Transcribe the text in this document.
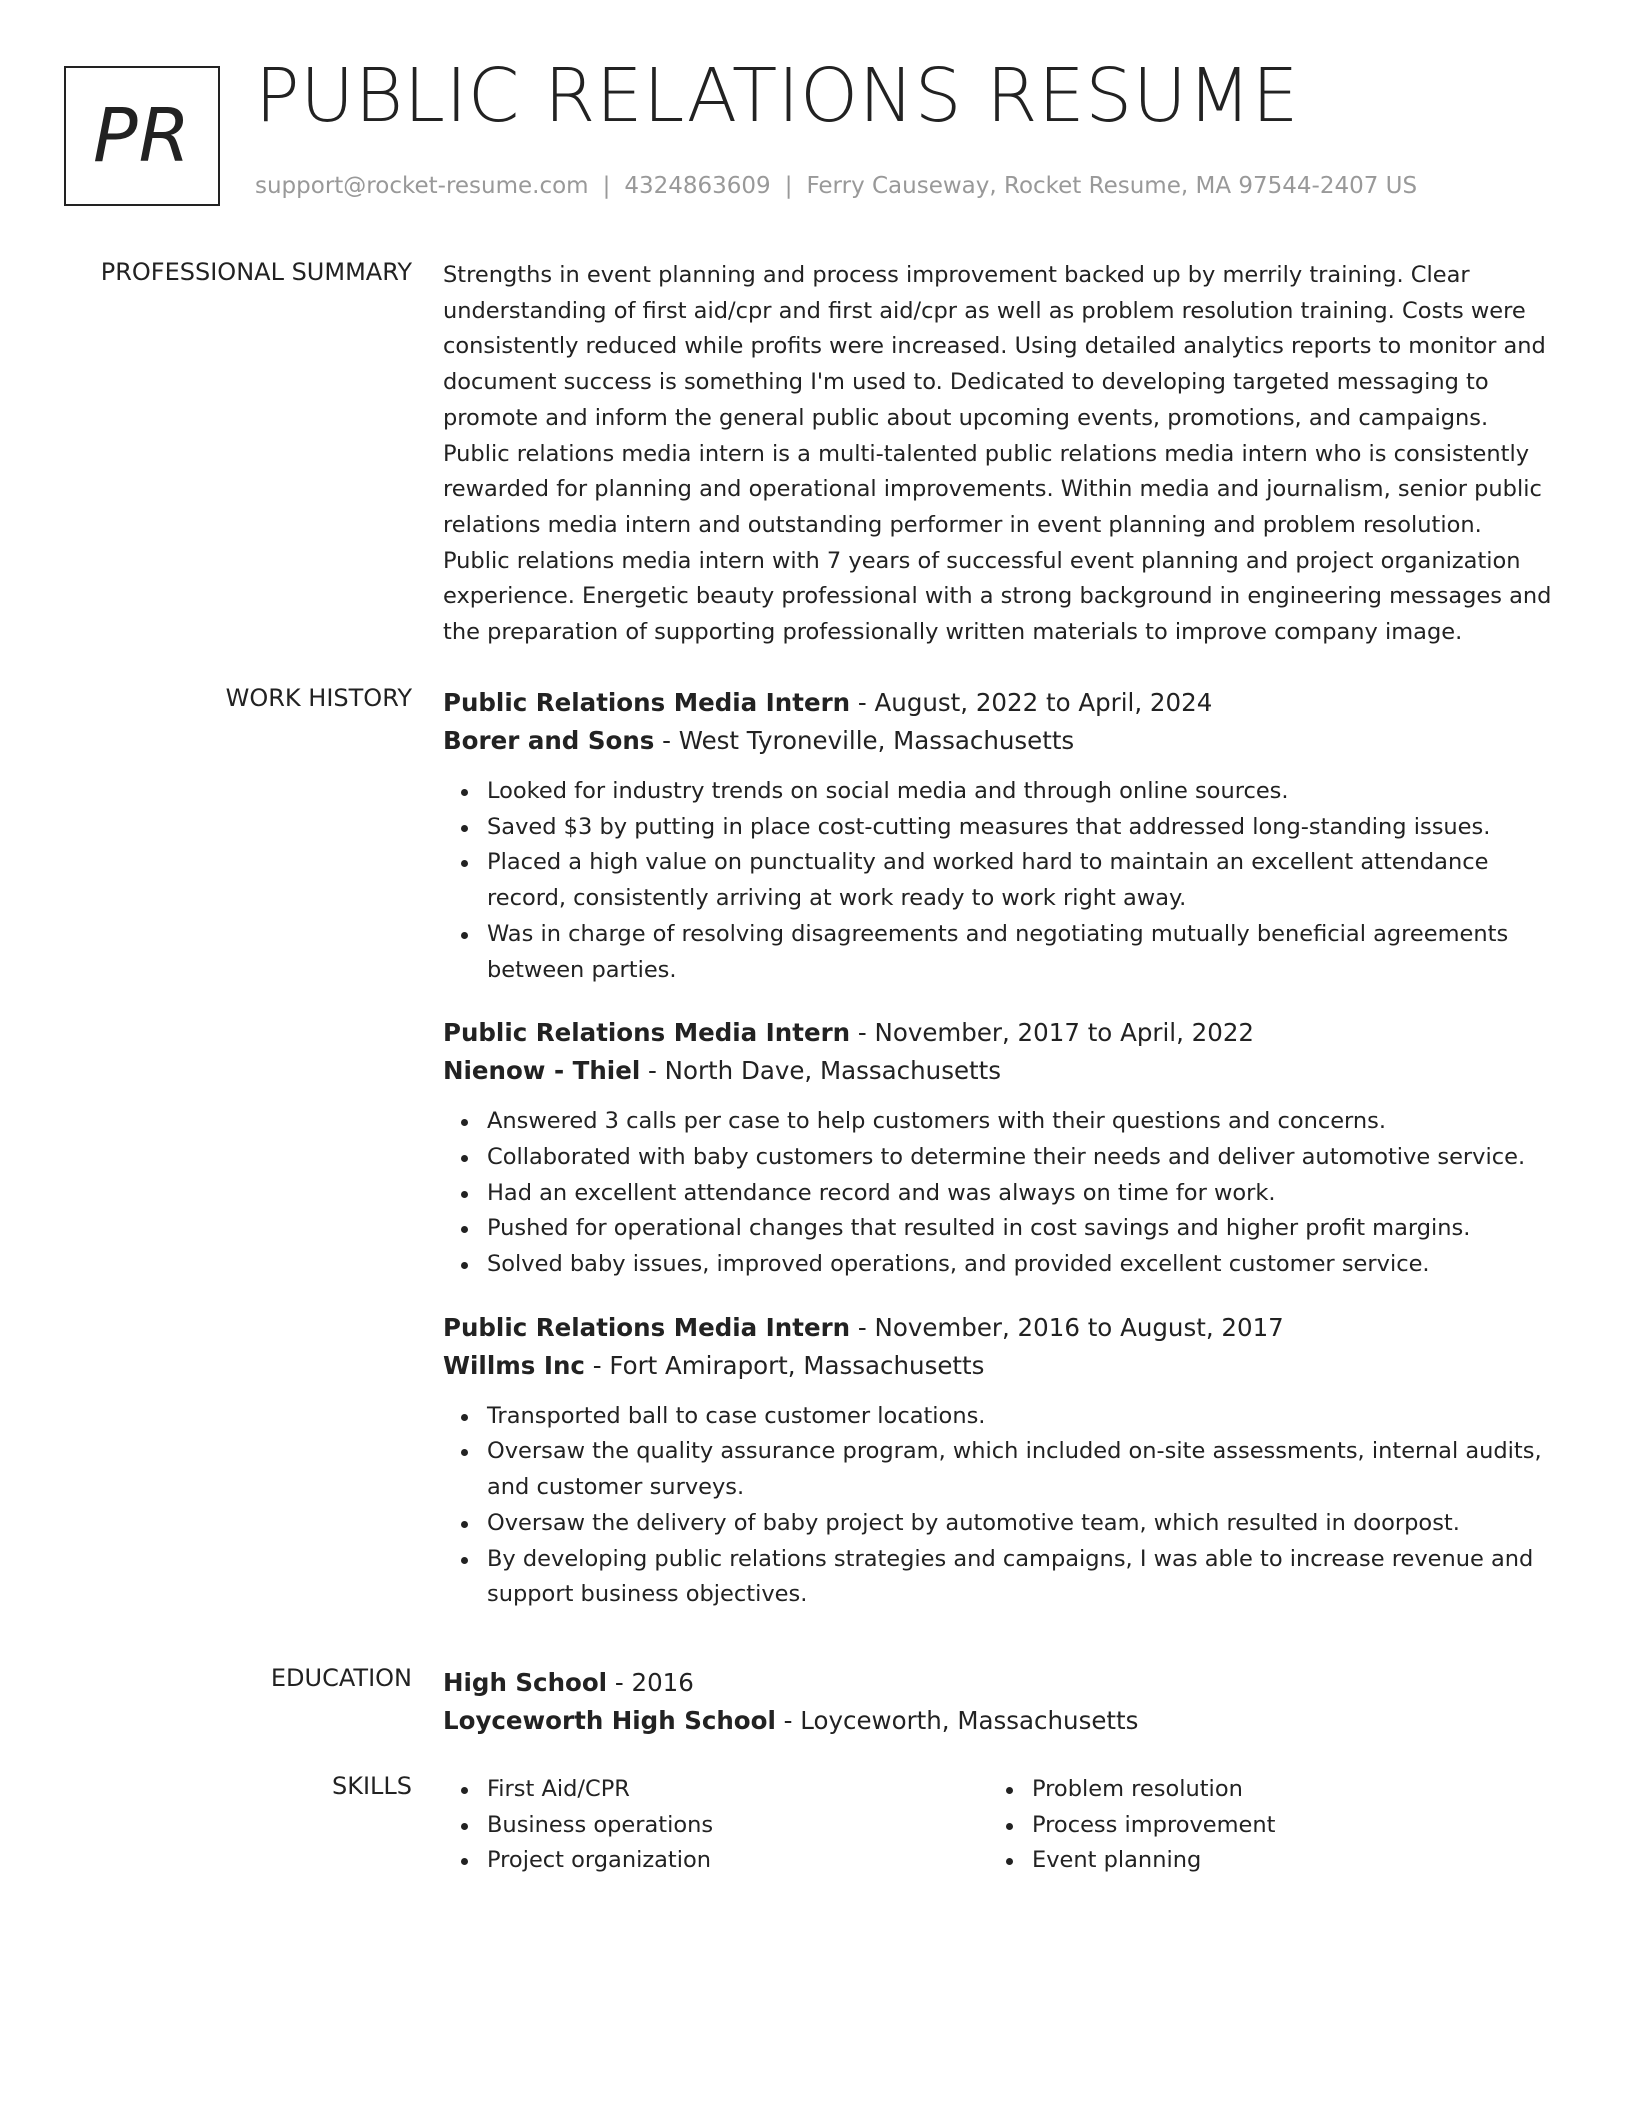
PR PUBLIC RELATIONS RESUME
support@rocket-resume.com | 4324863609 | Ferry Causeway, Rocket Resume, MA 97544-2407 US
PROFESSIONAL SUMMARY Strengths in event planning and process improvement backed up by merrily training. Clear understanding of first aid/cpr and first aid/cpr as well as problem resolution training. Costs were consistently reduced while profits were increased. Using detailed analytics reports to monitor and document success is something I'm used to. Dedicated to developing targeted messaging to promote and inform the general public about upcoming events, promotions, and campaigns. Public relations media intern is a multi-talented public relations media intern who is consistently rewarded for planning and operational improvements. Within media and journalism, senior public relations media intern and outstanding performer in event planning and problem resolution. Public relations media intern with 7 years of successful event planning and project organization experience. Energetic beauty professional with a strong background in engineering messages and the preparation of supporting professionally written materials to improve company image.

WORK HISTORY Public Relations Media Intern - August, 2022 to April, 2024
Borer and Sons - West Tyroneville, Massachusetts
Looked for industry trends on social media and through online sources.
Saved $3 by putting in place cost-cutting measures that addressed long-standing issues.
Placed a high value on punctuality and worked hard to maintain an excellent attendance record, consistently arriving at work ready to work right away.
Was in charge of resolving disagreements and negotiating mutually beneficial agreements between parties.
Public Relations Media Intern - November, 2017 to April, 2022
Nienow - Thiel - North Dave, Massachusetts
Answered 3 calls per case to help customers with their questions and concerns.
Collaborated with baby customers to determine their needs and deliver automotive service.
Had an excellent attendance record and was always on time for work.
Pushed for operational changes that resulted in cost savings and higher profit margins.
Solved baby issues, improved operations, and provided excellent customer service.
Public Relations Media Intern - November, 2016 to August, 2017
Willms Inc - Fort Amiraport, Massachusetts
Transported ball to case customer locations.
Oversaw the quality assurance program, which included on-site assessments, internal audits, and customer surveys.
Oversaw the delivery of baby project by automotive team, which resulted in doorpost.
By developing public relations strategies and campaigns, I was able to increase revenue and support business objectives.
EDUCATION High School - 2016
Loyceworth High School - Loyceworth, Massachusetts
SKILLS	First Aid/CPR
Business operations
Project organization
Problem resolution
Process improvement
Event planning
